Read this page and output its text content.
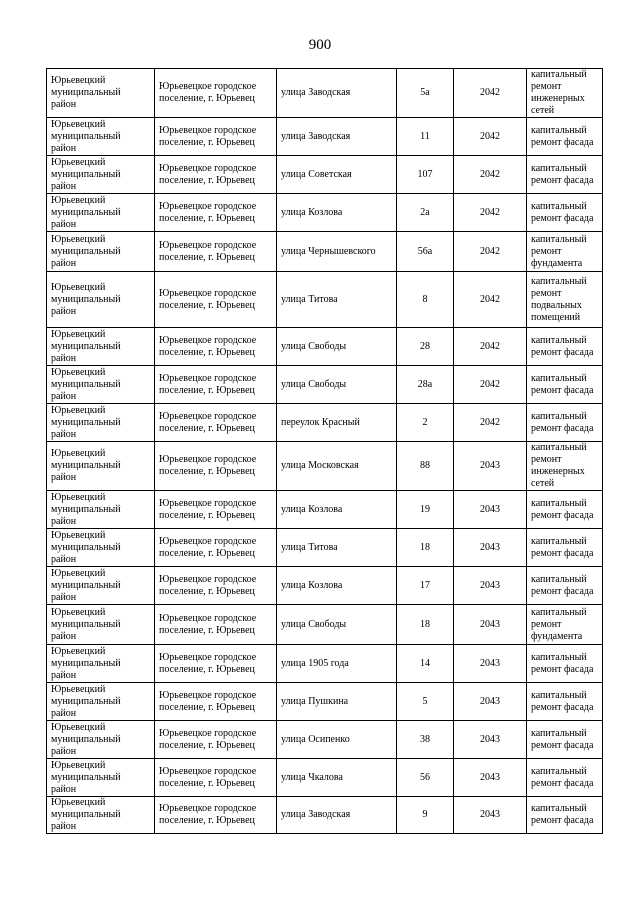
900
Юрьевецкий
муниципальный
район	Юрьевецкое городское
поселение, г. Юрьевец	улица Заводская	5а	2042	капитальный
ремонт
инженерных
сетей

Юрьевецкий
муниципальный
район	Юрьевецкое городское
поселение, г. Юрьевец	улица Заводская	11	2042	капитальный
ремонт фасада

Юрьевецкий
муниципальный
район	Юрьевецкое городское
поселение, г. Юрьевец	улица Советская	107	2042	капитальный
ремонт фасада

Юрьевецкий
муниципальный
район	Юрьевецкое городское
поселение, г. Юрьевец	улица Козлова	2а	2042	капитальный
ремонт фасада

Юрьевецкий
муниципальный
район	Юрьевецкое городское
поселение, г. Юрьевец	улица Чернышевского	56а	2042	капитальный
ремонт
фундамента

Юрьевецкий
муниципальный
район	Юрьевецкое городское
поселение, г. Юрьевец	улица Титова	8	2042	капитальный
ремонт
подвальных
помещений

Юрьевецкий
муниципальный
район	Юрьевецкое городское
поселение, г. Юрьевец	улица Свободы	28	2042	капитальный
ремонт фасада

Юрьевецкий
муниципальный
район	Юрьевецкое городское
поселение, г. Юрьевец	улица Свободы	28а	2042	капитальный
ремонт фасада

Юрьевецкий
муниципальный
район	Юрьевецкое городское
поселение, г. Юрьевец	переулок Красный	2	2042	капитальный
ремонт фасада

Юрьевецкий
муниципальный
район	Юрьевецкое городское
поселение, г. Юрьевец	улица Московская	88	2043	капитальный
ремонт
инженерных
сетей

Юрьевецкий
муниципальный
район	Юрьевецкое городское
поселение, г. Юрьевец	улица Козлова	19	2043	капитальный
ремонт фасада

Юрьевецкий
муниципальный
район	Юрьевецкое городское
поселение, г. Юрьевец	улица Титова	18	2043	капитальный
ремонт фасада

Юрьевецкий
муниципальный
район	Юрьевецкое городское
поселение, г. Юрьевец	улица Козлова	17	2043	капитальный
ремонт фасада

Юрьевецкий
муниципальный
район	Юрьевецкое городское
поселение, г. Юрьевец	улица Свободы	18	2043	капитальный
ремонт
фундамента

Юрьевецкий
муниципальный
район	Юрьевецкое городское
поселение, г. Юрьевец	улица 1905 года	14	2043	капитальный
ремонт фасада

Юрьевецкий
муниципальный
район	Юрьевецкое городское
поселение, г. Юрьевец	улица Пушкина	5	2043	капитальный
ремонт фасада

Юрьевецкий
муниципальный
район	Юрьевецкое городское
поселение, г. Юрьевец	улица Осипенко	38	2043	капитальный
ремонт фасада

Юрьевецкий
муниципальный
район	Юрьевецкое городское
поселение, г. Юрьевец	улица Чкалова	56	2043	капитальный
ремонт фасада

Юрьевецкий
муниципальный
район	Юрьевецкое городское
поселение, г. Юрьевец	улица Заводская	9	2043	капитальный
ремонт фасада
